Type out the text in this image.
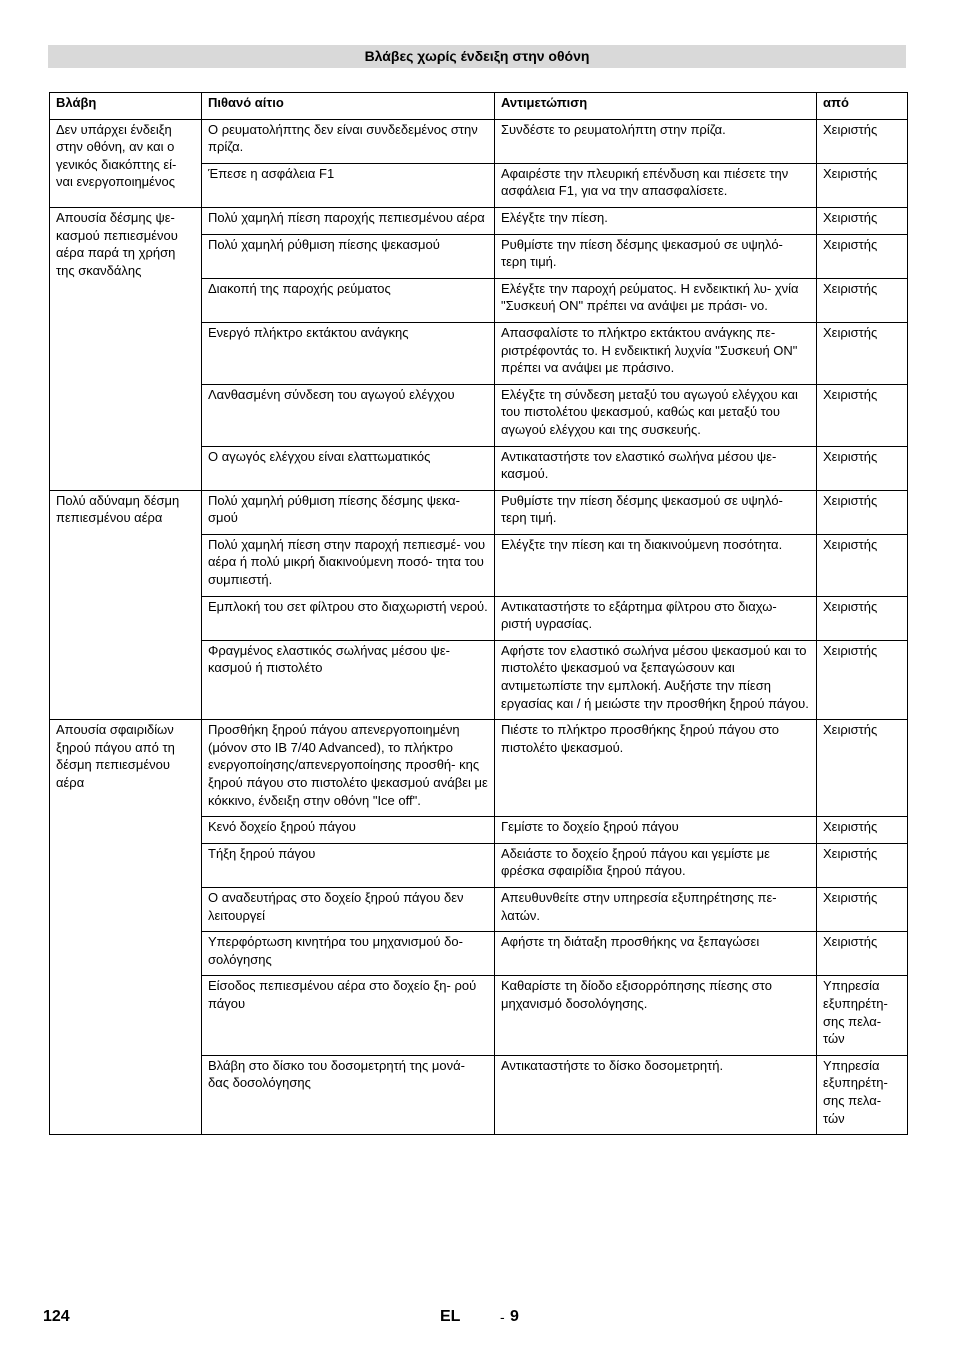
Βλάβες χωρίς ένδειξη στην οθόνη
Βλάβη	Πιθανό αίτιο	Αντιμετώπιση	από
Δεν υπάρχει ένδειξη στην οθόνη, αν και ο γενικός διακόπτης εί- ναι ενεργοποιημένος	Ο ρευματολήπτης δεν είναι συνδεδεμένος στην πρίζα.	Συνδέστε το ρευματολήπτη στην πρίζα.	Χειριστής
	Έπεσε η ασφάλεια F1	Αφαιρέστε την πλευρική επένδυση και πιέσετε την ασφάλεια F1, για να την απασφαλίσετε.	Χειριστής
Απουσία δέσμης ψε- κασμού πεπιεσμένου αέρα παρά τη χρήση της σκανδάλης	Πολύ χαμηλή πίεση παροχής πεπιεσμένου αέρα	Ελέγξτε την πίεση.	Χειριστής
	Πολύ χαμηλή ρύθμιση πίεσης ψεκασμού	Ρυθμίστε την πίεση δέσμης ψεκασμού σε υψηλό- τερη τιμή.	Χειριστής
	Διακοπή της παροχής ρεύματος	Ελέγξτε την παροχή ρεύματος. Η ενδεικτική λυ- χνία "Συσκευή ON" πρέπει να ανάψει με πράσι- νο.	Χειριστής
	Ενεργό πλήκτρο εκτάκτου ανάγκης	Απασφαλίστε το πλήκτρο εκτάκτου ανάγκης πε- ριστρέφοντάς το. Η ενδεικτική λυχνία "Συσκευή ON" πρέπει να ανάψει με πράσινο.	Χειριστής
	Λανθασμένη σύνδεση του αγωγού ελέγχου	Ελέγξτε τη σύνδεση μεταξύ του αγωγού ελέγχου και του πιστολέτου ψεκασμού, καθώς και μεταξύ του αγωγού ελέγχου και της συσκευής.	Χειριστής
	Ο αγωγός ελέγχου είναι ελαττωματικός	Αντικαταστήστε τον ελαστικό σωλήνα μέσου ψε- κασμού.	Χειριστής
Πολύ αδύναμη δέσμη πεπιεσμένου αέρα	Πολύ χαμηλή ρύθμιση πίεσης δέσμης ψεκα- σμού	Ρυθμίστε την πίεση δέσμης ψεκασμού σε υψηλό- τερη τιμή.	Χειριστής
	Πολύ χαμηλή πίεση στην παροχή πεπιεσμέ- νου αέρα ή πολύ μικρή διακινούμενη ποσό- τητα του συμπιεστή.	Ελέγξτε την πίεση και τη διακινούμενη ποσότητα.	Χειριστής
	Εμπλοκή του σετ φίλτρου στο διαχωριστή νερού.	Αντικαταστήστε το εξάρτημα φίλτρου στο διαχω- ριστή υγρασίας.	Χειριστής
	Φραγμένος ελαστικός σωλήνας μέσου ψε- κασμού ή πιστολέτο	Αφήστε τον ελαστικό σωλήνα μέσου ψεκασμού και το πιστολέτο ψεκασμού να ξεπαγώσουν και αντιμετωπίστε την εμπλοκή. Αυξήστε την πίεση εργασίας και / ή μειώστε την προσθήκη ξηρού πάγου.	Χειριστής
Απουσία σφαιριδίων ξηρού πάγου από τη δέσμη πεπιεσμένου αέρα	Προσθήκη ξηρού πάγου απενεργοποιημένη (μόνον στο IB 7/40 Advanced), το πλήκτρο ενεργοποίησης/απενεργοποίησης προσθή- κης ξηρού πάγου στο πιστολέτο ψεκασμού ανάβει με κόκκινο, ένδειξη στην οθόνη "Ice off".	Πιέστε το πλήκτρο προσθήκης ξηρού πάγου στο πιστολέτο ψεκασμού.	Χειριστής
	Κενό δοχείο ξηρού πάγου	Γεμίστε το δοχείο ξηρού πάγου	Χειριστής
	Τήξη ξηρού πάγου	Αδειάστε το δοχείο ξηρού πάγου και γεμίστε με φρέσκα σφαιρίδια ξηρού πάγου.	Χειριστής
	Ο αναδευτήρας στο δοχείο ξηρού πάγου δεν λειτουργεί	Απευθυνθείτε στην υπηρεσία εξυπηρέτησης πε- λατών.	Χειριστής
	Υπερφόρτωση κινητήρα του μηχανισμού δο- σολόγησης	Αφήστε τη διάταξη προσθήκης να ξεπαγώσει	Χειριστής
	Είσοδος πεπιεσμένου αέρα στο δοχείο ξη- ρού πάγου	Καθαρίστε τη δίοδο εξισορρόπησης πίεσης στο μηχανισμό δοσολόγησης.	Υπηρεσία εξυπηρέτη- σης πελα- τών
	Βλάβη στο δίσκο του δοσομετρητή της μονά- δας δοσολόγησης	Αντικαταστήστε το δίσκο δοσομετρητή.	Υπηρεσία εξυπηρέτη- σης πελα- τών
124	EL	- 9
